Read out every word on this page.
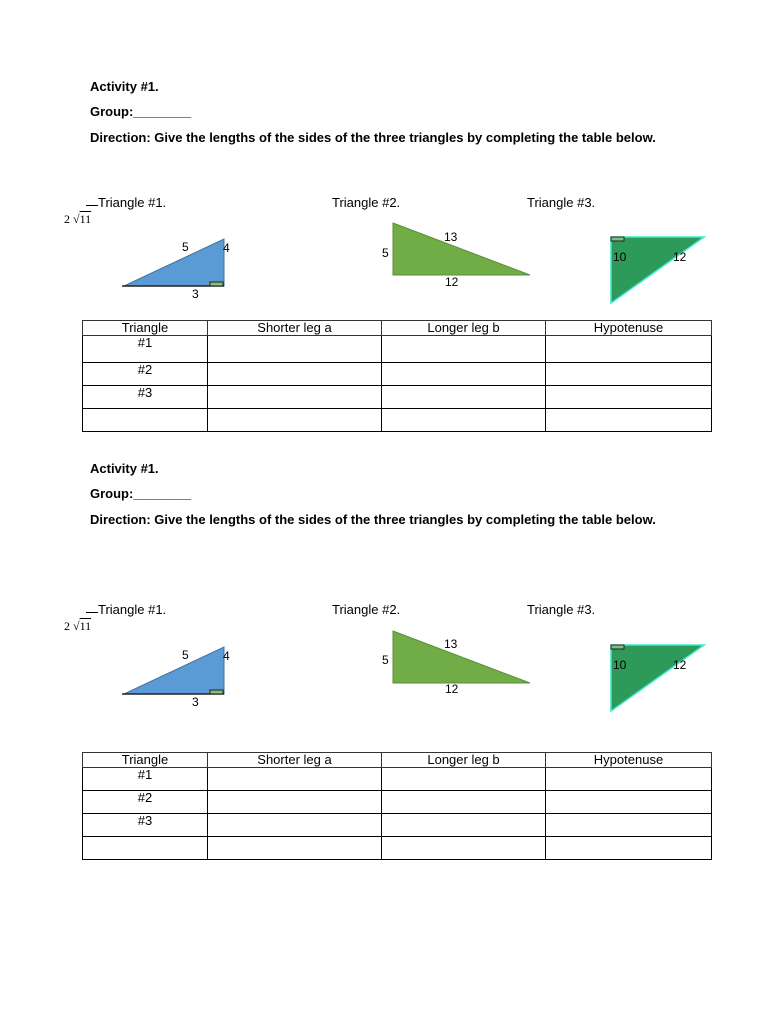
Activity #1.
Group:________
Direction: Give the lengths of the sides of the three triangles by completing the table below.
2 √11
Triangle #1.	Triangle #2.	Triangle #3.
5	4
3
13
5
12
10	12
Triangle	Shorter leg a	Longer leg b	Hypotenuse
#1			
#2			
#3			

Activity #1.
Group:________
Direction: Give the lengths of the sides of the three triangles by completing the table below.
2 √11
Triangle #1.	Triangle #2.	Triangle #3.
5	4
3
13
5
12
10	12
Triangle	Shorter leg a	Longer leg b	Hypotenuse
#1			
#2			
#3			
